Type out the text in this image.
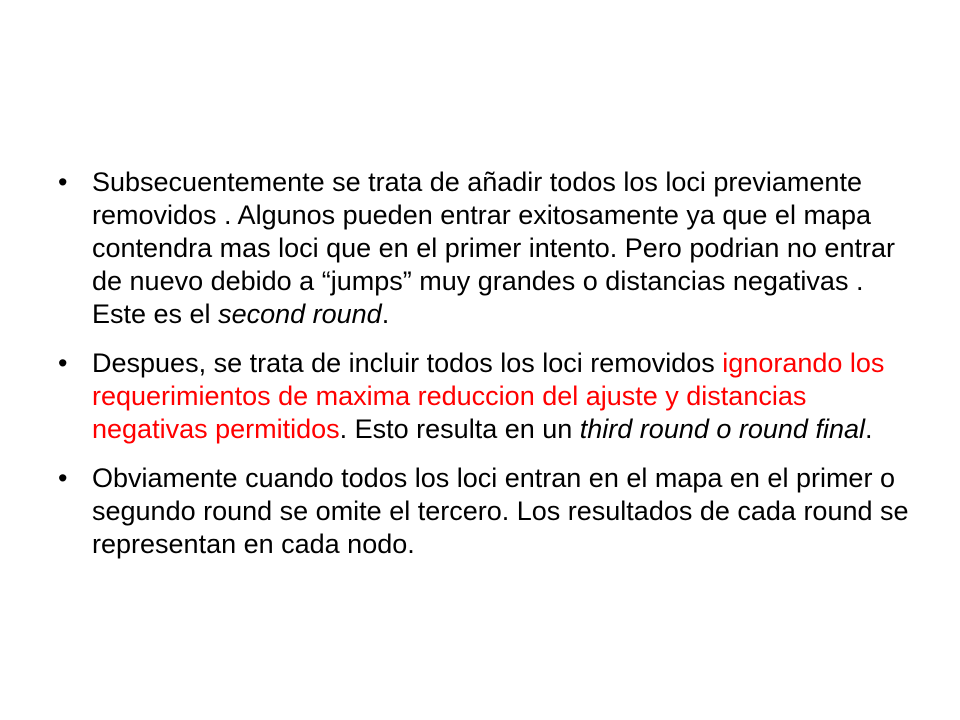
• Subsecuentemente se trata de añadir todos los loci previamente removidos . Algunos pueden entrar exitosamente ya que el mapa contendra mas loci que en el primer intento. Pero podrian no entrar de nuevo debido a “jumps” muy grandes o distancias negativas . Este es el second round.
• Despues, se trata de incluir todos los loci removidos ignorando los requerimientos de maxima reduccion del ajuste y distancias negativas permitidos. Esto resulta en un third round o round final.
• Obviamente cuando todos los loci entran en el mapa en el primer o segundo round se omite el tercero. Los resultados de cada round se representan en cada nodo.
